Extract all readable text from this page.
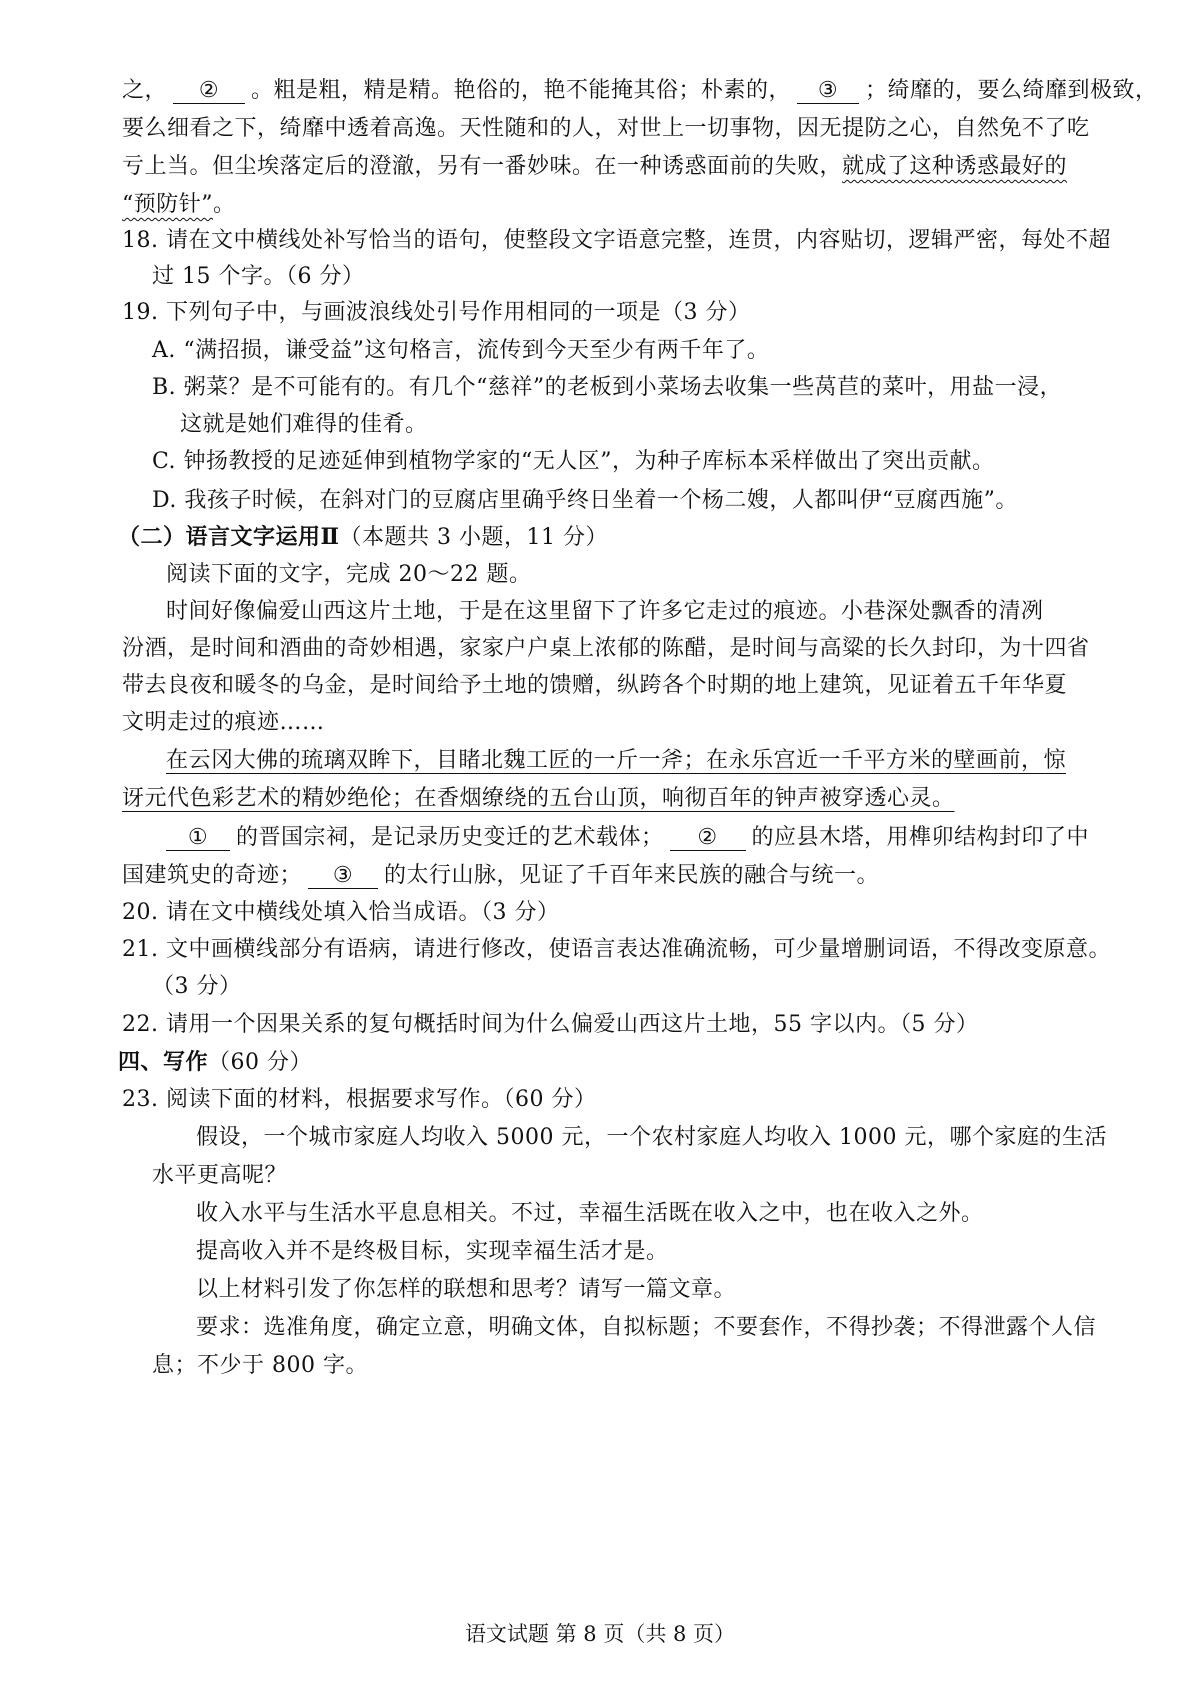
之， ② 。粗是粗，精是精。艳俗的，艳不能掩其俗；朴素的， ③ ；绮靡的，要么绮靡到极致，
要么细看之下，绮靡中透着高逸。天性随和的人，对世上一切事物，因无提防之心，自然免不了吃
亏上当。但尘埃落定后的澄澈，另有一番妙味。在一种诱惑面前的失败，就成了这种诱惑最好的
“预防针”。
18. 请在文中横线处补写恰当的语句，使整段文字语意完整，连贯，内容贴切，逻辑严密，每处不超
过 15 个字。（6 分）
19. 下列句子中，与画波浪线处引号作用相同的一项是（3 分）
A. “满招损，谦受益”这句格言，流传到今天至少有两千年了。
B. 粥菜？是不可能有的。有几个“慈祥”的老板到小菜场去收集一些莴苣的菜叶，用盐一浸，
这就是她们难得的佳肴。
C. 钟扬教授的足迹延伸到植物学家的“无人区”，为种子库标本采样做出了突出贡献。
D. 我孩子时候，在斜对门的豆腐店里确乎终日坐着一个杨二嫂，人都叫伊“豆腐西施”。
（二）语言文字运用Ⅱ（本题共 3 小题，11 分）
阅读下面的文字，完成 20～22 题。
时间好像偏爱山西这片土地，于是在这里留下了许多它走过的痕迹。小巷深处飘香的清冽
汾酒，是时间和酒曲的奇妙相遇，家家户户桌上浓郁的陈醋，是时间与高粱的长久封印，为十四省
带去良夜和暖冬的乌金，是时间给予土地的馈赠，纵跨各个时期的地上建筑，见证着五千年华夏
文明走过的痕迹……
在云冈大佛的琉璃双眸下，目睹北魏工匠的一斤一斧；在永乐宫近一千平方米的壁画前，惊
讶元代色彩艺术的精妙绝伦；在香烟缭绕的五台山顶，响彻百年的钟声被穿透心灵。
① 的晋国宗祠，是记录历史变迁的艺术载体； ② 的应县木塔，用榫卯结构封印了中
国建筑史的奇迹； ③ 的太行山脉，见证了千百年来民族的融合与统一。
20. 请在文中横线处填入恰当成语。（3 分）
21. 文中画横线部分有语病，请进行修改，使语言表达准确流畅，可少量增删词语，不得改变原意。
（3 分）
22. 请用一个因果关系的复句概括时间为什么偏爱山西这片土地，55 字以内。（5 分）
四、写作（60 分）
23. 阅读下面的材料，根据要求写作。（60 分）
假设，一个城市家庭人均收入 5000 元，一个农村家庭人均收入 1000 元，哪个家庭的生活
水平更高呢？
收入水平与生活水平息息相关。不过，幸福生活既在收入之中，也在收入之外。
提高收入并不是终极目标，实现幸福生活才是。
以上材料引发了你怎样的联想和思考？请写一篇文章。
要求：选准角度，确定立意，明确文体，自拟标题；不要套作，不得抄袭；不得泄露个人信
息；不少于 800 字。
语文试题 第 8 页（共 8 页）
